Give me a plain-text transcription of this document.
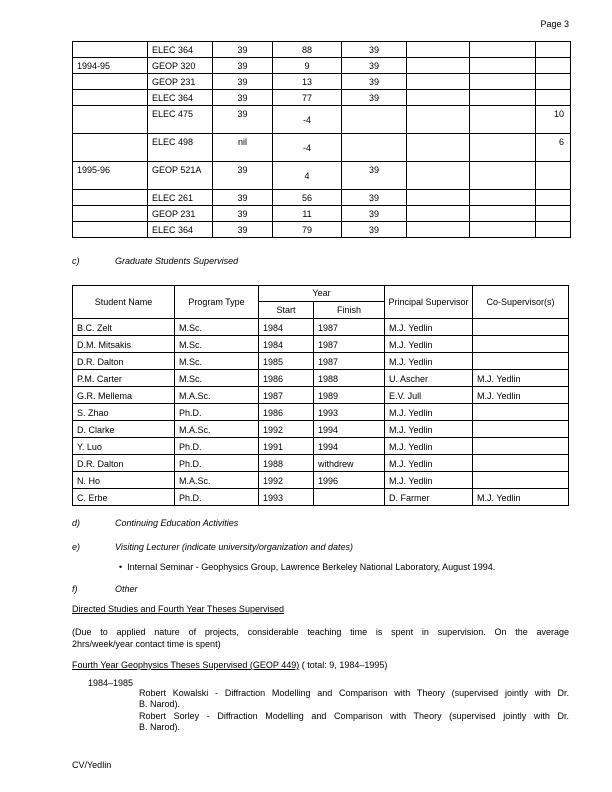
Page 3
	ELEC 364	39	88	39			
1994-95	GEOP 320	39	9	39			
	GEOP 231	39	13	39			
	ELEC 364	39	77	39			
	ELEC 475	39	-4				10
	ELEC 498	nil	-4				6
1995-96	GEOP 521A	39	4	39			
	ELEC 261	39	56	39			
	GEOP 231	39	11	39			
	ELEC 364	39	79	39			
c)	Graduate Students Supervised
Student Name	Program Type	Year		Principal Supervisor	Co-Supervisor(s)
		Start	Finish		
B.C. Zelt	M.Sc.	1984	1987	M.J. Yedlin	
D.M. Mitsakis	M.Sc.	1984	1987	M.J. Yedlin	
D.R. Dalton	M.Sc.	1985	1987	M.J. Yedlin	
P.M. Carter	M.Sc.	1986	1988	U. Ascher	M.J. Yedlin
G.R. Mellema	M.A.Sc.	1987	1989	E.V. Jull	M.J. Yedlin
S. Zhao	Ph.D.	1986	1993	M.J. Yedlin	
D. Clarke	M.A.Sc.	1992	1994	M.J. Yedlin	
Y. Luo	Ph.D.	1991	1994	M.J. Yedlin	
D.R. Dalton	Ph.D.	1988	withdrew	M.J. Yedlin	
N. Ho	M.A.Sc.	1992	1996	M.J. Yedlin	
C. Erbe	Ph.D.	1993		D. Farmer	M.J. Yedlin
d)	Continuing Education Activities
e)	Visiting Lecturer (indicate university/organization and dates)
• Internal Seminar - Geophysics Group, Lawrence Berkeley National Laboratory, August 1994.
f)	Other
Directed Studies and Fourth Year Theses Supervised
(Due to applied nature of projects, considerable teaching time is spent in supervision. On the average
2hrs/week/year contact time is spent)
Fourth Year Geophysics Theses Supervised (GEOP 449) ( total: 9, 1984–1995)
1984–1985
Robert Kowalski - Diffraction Modelling and Comparison with Theory (supervised jointly with Dr.
B. Narod).
Robert Sorley - Diffraction Modelling and Comparison with Theory (supervised jointly with Dr.
B. Narod).
CV/Yedlin
